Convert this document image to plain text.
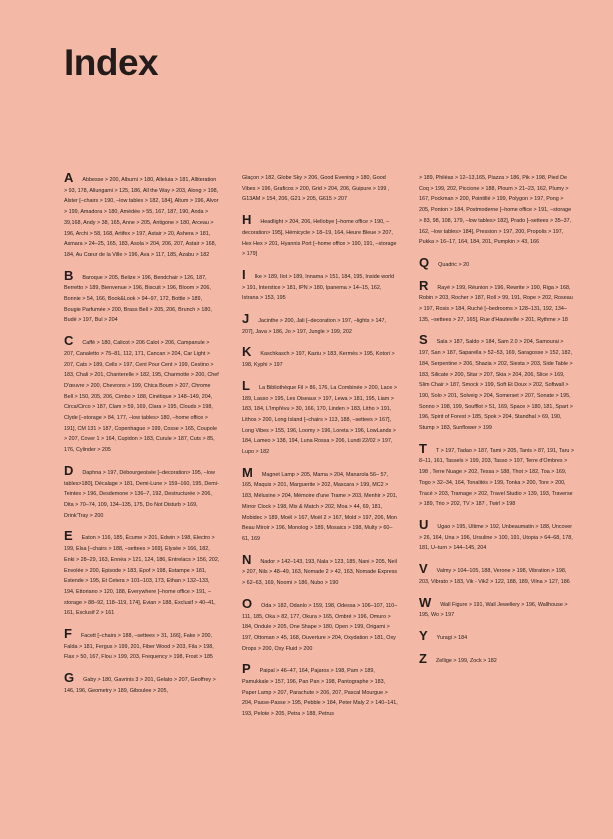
Index

A Abbesse > 200, Alburni > 180, Alleluia > 181, Alliteration > 93, 178, Allungami > 125, 186, All the Way > 203, Along > 198, Alster [–chairs > 190, –low tables > 182, 184], Altum > 196, Alvor > 199, Amadora > 180, Amédée > 55, 167, 187, 190, Anda > 39,168, Andy > 38, 165, Anne > 205, Antigone > 180, Arceau > 196, Archi > 58, 168, Artifex > 197, Astair > 20, Ashera > 181, Asmara > 24–25, 165, 183, Asola > 204, 206, 207, Astair > 168, 184, Au Cœur de la Ville > 196, Ava > 117, 185, Azabu > 182

B Baroque > 205, Belize > 196, Bendchair > 126, 187, Berretto > 189, Bienvenue > 196, Biscuit > 196, Bloom > 206, Bonnie > 54, 166, Book&Look > 94–97, 172, Bottle > 189, Bougie Parfumée > 200, Brass Bell > 205, 206, Brunch > 180, Budè > 197, Bul > 204

C Caffè > 180, Calicot > 206 Calot > 206, Campanule > 207, Canaletto > 75–81, 112, 171, Cancan > 204, Car Light > 207, Cats > 189, Cells > 197, Cent Pour Cent > 199, Cestino > 183, Chali > 201, Chanterelle > 182, 195, Charmotte > 200, Chef D'œuvre > 200, Chevrons > 199, Chica Boum > 207, Chrome Bell > 150, 205, 206, Cimbo > 188, Cinétique > 148–149, 204, Circa/Circo > 187, Clam > 59, 169, Clara > 195, Clouds > 198, Clyde [–storage > 84, 177, –low tables> 180, –home office > 191], CM 131 > 187, Copenhague > 199, Cosse > 165, Coupole > 207, Cover 1 > 164, Cupidon > 183, Curule > 187, Cuts > 85, 176, Cylinder > 205

D Daphna > 197, Débourgeoisée [–decoration> 195, –low tables>180], Décalage > 181, Demi-Lune > 159–160, 195, Demi-Teintes > 196, Desdemone > 136–7, 192, Destructurée > 206, Dita > 70–74, 109, 134–135, 175, Do Not Disturb > 169, Drink'Tray > 200

E Eaton > 116, 185, Écume > 201, Edwin > 198, Electro > 199, Elsa [–chairs > 188, –settees > 169], Elysée > 166, 182, Enki > 28–29, 163, Ennéa > 121, 124, 186, Entrelacs > 156, 202, Envolée > 200, Episode > 183, Epof > 198, Estampe > 181, Estende > 195, Et Cetera > 101–103, 173, Ethan > 132–133, 194, Ettoriano > 120, 188, Everywhere [–home office > 191, –storage > 88–92, 118–119, 174], Evian > 188, Exclusif > 40–41, 161, Exclusif 2 > 161

F Facett [–chairs > 188, –settees > 31, 166], Fake > 200, Falda > 181, Fergus > 199, 201, Fiber Wood > 203, Fila > 198, Flax > 50, 167, Flou > 199, 203, Frequency > 198, Frost > 185

G Gaby > 180, Gavrinis 3 > 201, Gelato > 207, Geoffrey > 146, 196, Geometry > 189, Giboulee > 205,

Glaçon > 182, Globe Sky > 206, Good Evening > 180, Good Vibes > 196, Graficos > 200, Grid > 204, 206, Guipure > 199 , G13AM > 154, 206, G21 > 205, G615 > 207

H Headlight > 204, 206, Hellobye [–home office > 190, –decoration> 195], Hémicycle > 18–19, 164, Heure Bleue > 207, Hex Hex > 201, Hyannis Port [–home office > 190, 191, –storage > 179]

I Ike > 189, Ilot > 189, Innama > 151, 184, 195, Inside world > 191, Interstice > 181, IPN > 180, Ipanema > 14–15, 162, Istrana > 153, 195

J Jacinthe > 200, Jali [–decoration > 197, –lights > 147, 207], Java > 186, Jo > 197, Jungle > 199, 202

K Kaschkasch > 197, Kaziu > 183, Kermès > 195, Kotori > 198, Kyphi > 197

L La Bibliothèque Fil > 86, 176, La Combinée > 200, Lace > 189, Lasso > 195, Les Oiseaux > 197, Lewa > 181, 195, Liam > 183, 184, L'Impřévu > 30, 166, 170, Linden > 183, Litho > 191, Lithos > 200, Long Island [–chairs > 113, 188, –settees > 167], Long Vibes > 155, 196, Loomy > 196, Loreta > 196, LowLands > 184, Lameo > 138, 194, Luna Rossa > 206, Lundi 22/02 > 197, Lupo > 182

M Magnet Lamp > 205, Mama > 204, Manarola 56– 57, 165, Maquis > 201, Marguerite > 202, Mascara > 199, MC2 > 183, Mélusine > 204, Mémoire d'une Trame > 203, Menhir > 201, Mirror Clock > 198, Mix & Match > 202, Moa > 44, 69, 181, Mobidec > 189, Moël > 167, Moël 2 > 167, Mold > 197, 206, Mon Beau Miroir > 196, Monolog > 189, Mosaics > 198, Multy > 60–61, 169

N Nador > 142–143, 193, Nala > 123, 185, Nani > 205, Neil > 207, Nils > 48–49, 163, Nomade 2 > 42, 163, Nomade Express > 62–63, 169, Noomi > 186, Nubo > 190

O Oda > 182, Odanlo > 159, 198, Odessa > 106–107, 110–111, 185, Oka > 82, 177, Okura > 165, Ombré > 196, Omuro > 184, Ondule > 205, One Shape > 180, Open > 199, Origami > 197, Ottoman > 45, 168, Ouverture > 204, Oxydation > 181, Oxy Drops > 200, Oxy Fluid > 200

P Paipal > 46–47, 164, Pajaros > 198, Pam > 189, Pamukkale > 157, 196, Pan Pan > 198, Pantographe > 183, Paper Lamp > 207, Parachute > 206, 207, Pascal Mourgue > 204, Passe-Passe > 195, Pebble > 184, Peter Maly 2 > 140–141, 193, Pelote > 205, Petra > 188, Petrus

> 189, Philéas > 12–13,165, Piazza > 186, Pik > 198, Pied De Coq > 199, 202, Piccione > 188, Ploum > 21–23, 162, Plumy > 167, Pockman > 200, Pointillé > 199, Polygon > 197, Pong > 205, Ponton > 184, Postmoderne [–home office > 191, –storage > 83, 98, 108, 179, –low tables> 182], Prado [–settees > 35–37, 162, –low tables> 184], Pression > 197, 200, Propolis > 197, Pukka > 16–17, 164, 184, 201, Pumpkin > 43, 166

Q Quadric > 20

R Rayé > 199, Réunion > 196, Rewrite > 190, Riga > 168, Robin > 203, Rocher > 187, Roll > 99, 191, Rope > 202, Roseau > 197, Rosis > 184, Ruché [–bedrooms > 128–131, 192, 134–135, –settees > 27, 165], Rue d'Hauteville > 201, Rythme > 18

S Sala > 187, Saldo > 184, Sam 2.0 > 204, Samourai > 197, San > 187, Saparella > 52–53, 169, Saragosse > 152, 182, 184, Serpentine > 206, Shazia > 202, Siesta > 203, Side Table > 183, Silicate > 200, Sitar > 207, Skia > 204, 206, Slice > 169, Slim Chair > 187, Smock > 199, Soft Et Doux > 202, Softwall > 190, Solo > 201, Solveig > 204, Somerset > 207, Sonate > 195, Sonno > 198, 199, Soufflot > 51, 169, Space > 180, 181, Spart > 196, Spirit of Forest > 185, Spok > 204, Standhal > 69, 190, Stump > 183, Sunflower > 199

T T > 197, Tadao > 187, Tami > 205, Tanis > 87, 191, Taru > 8–11, 161, Tassels > 199, 203, Tasso > 197, Terre d'Ombres > 198 , Terre Nuage > 202, Tessa > 188, Thot > 182, Toa > 169, Togo > 32–34, 164, Tonalités > 199, Tonka > 200, Tore > 200, Tracé > 203, Tramage > 202, Travel Studio > 139, 193, Traverse > 189, Trio > 202, TV > 187 , Twirl > 198

U Ugao > 195, Ultime > 192, Unbeaumatin > 188, Uncover > 26, 164, Una > 196, Ursuline > 100, 191, Utopia > 64–68, 178, 181, U–turn > 144–145, 204

V Valmy > 104–105, 188, Verone > 198, Vibration > 198, 203, Vibrato > 183, Vik - Vik2 > 122, 188, 189, Vilna > 127, 186

W Wall Figure > 191, Wall Jewellery > 196, Wallhouse > 195, Wo > 197

Y Yuragi > 184

Z Zellige > 199, Zock > 182
